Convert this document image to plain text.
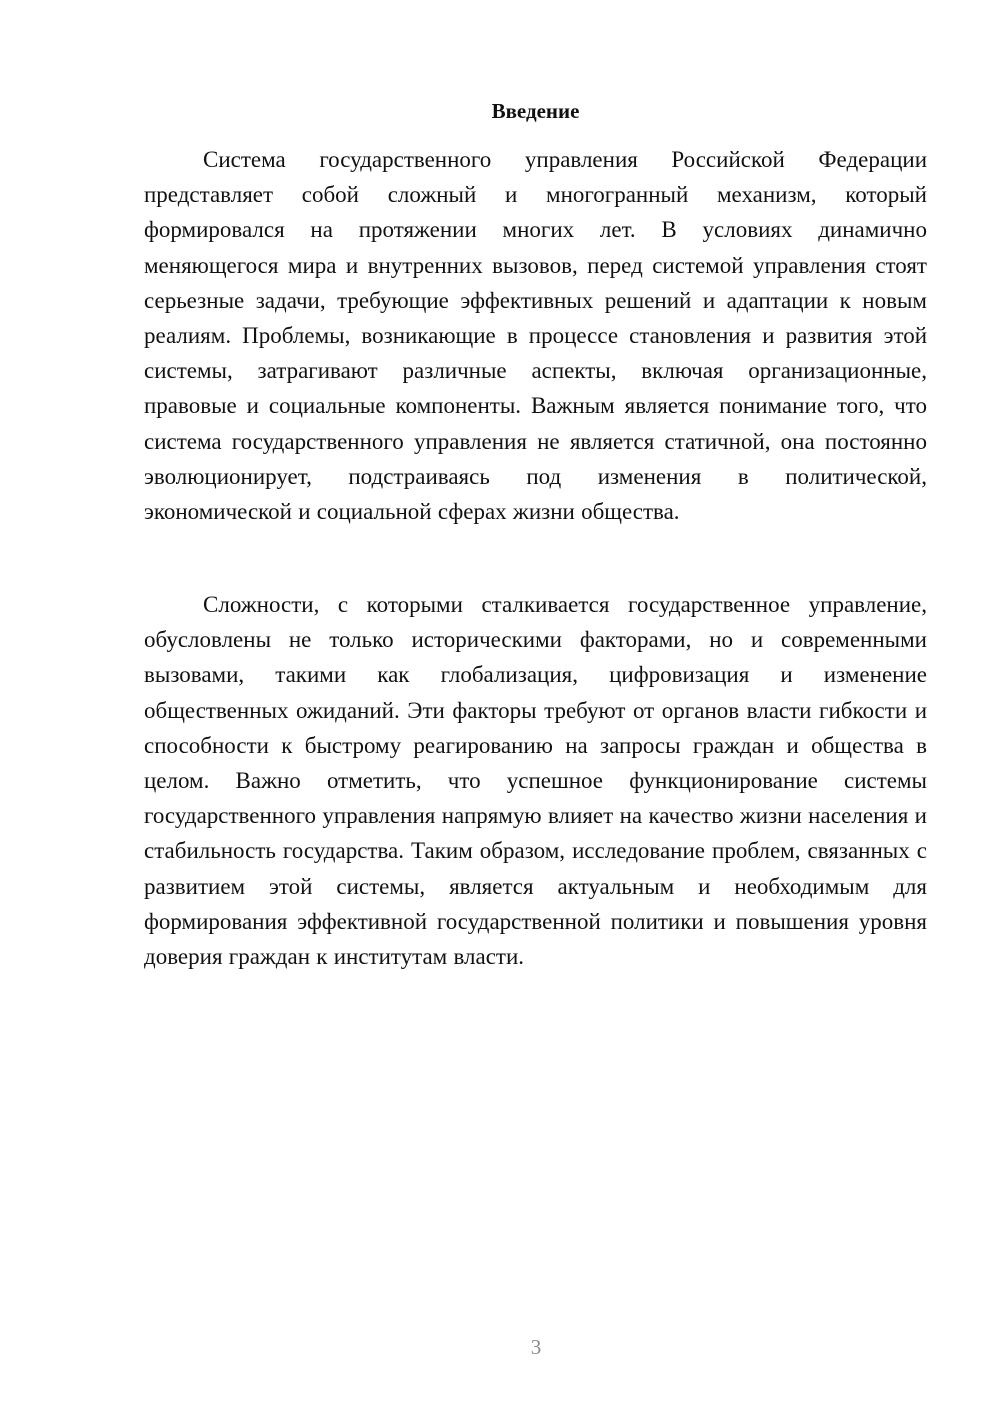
Введение

Система государственного управления Российской Федерации представляет собой сложный и многогранный механизм, который формировался на протяжении многих лет. В условиях динамично меняющегося мира и внутренних вызовов, перед системой управления стоят серьезные задачи, требующие эффективных решений и адаптации к новым реалиям. Проблемы, возникающие в процессе становления и развития этой системы, затрагивают различные аспекты, включая организационные, правовые и социальные компоненты. Важным является понимание того, что система государственного управления не является статичной, она постоянно эволюционирует, подстраиваясь под изменения в политической, экономической и социальной сферах жизни общества.

Сложности, с которыми сталкивается государственное управление, обусловлены не только историческими факторами, но и современными вызовами, такими как глобализация, цифровизация и изменение общественных ожиданий. Эти факторы требуют от органов власти гибкости и способности к быстрому реагированию на запросы граждан и общества в целом. Важно отметить, что успешное функционирование системы государственного управления напрямую влияет на качество жизни населения и стабильность государства. Таким образом, исследование проблем, связанных с развитием этой системы, является актуальным и необходимым для формирования эффективной государственной политики и повышения уровня доверия граждан к институтам власти.

3
